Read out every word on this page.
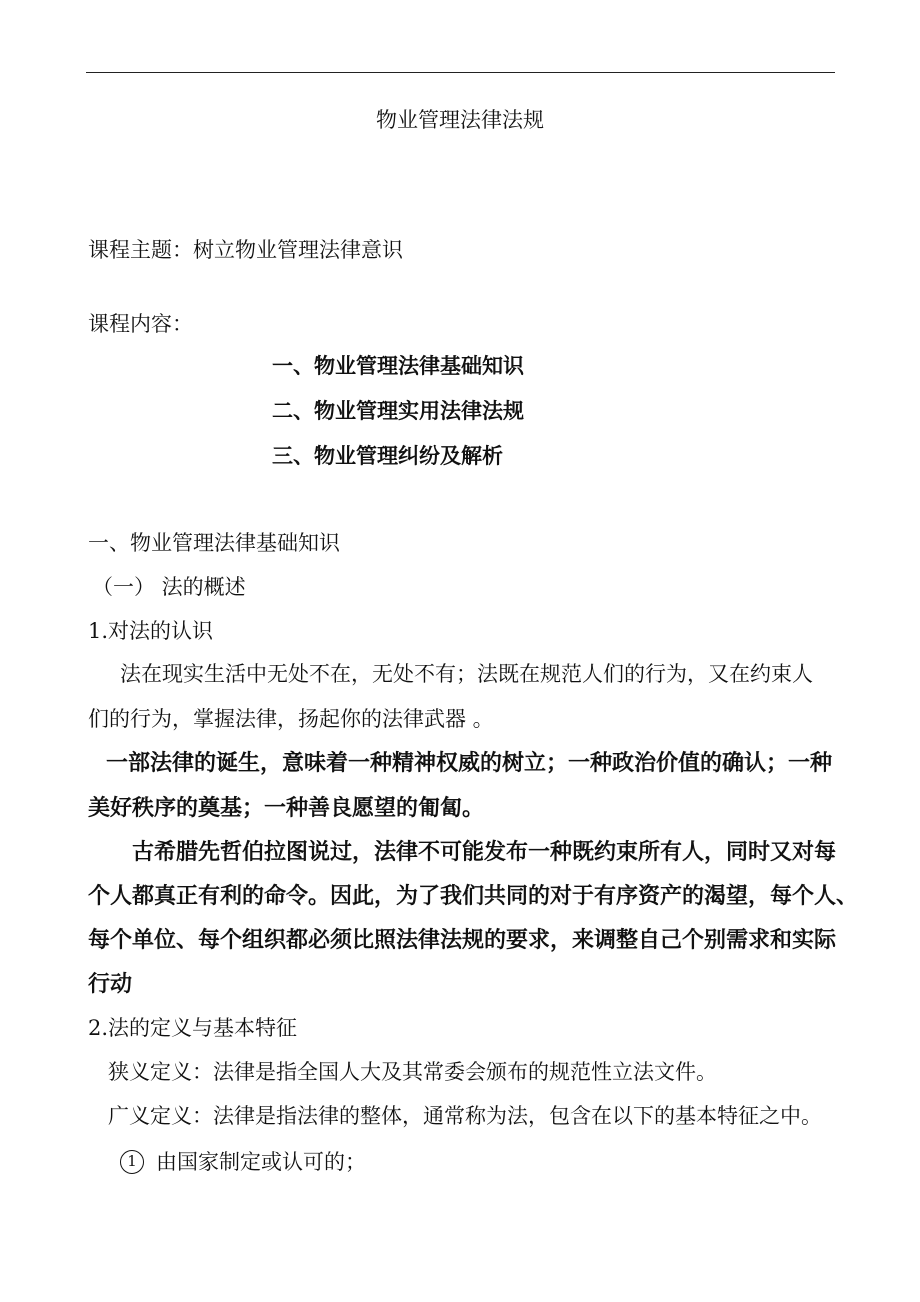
物业管理法律法规
课程主题：树立物业管理法律意识
课程内容：
一、物业管理法律基础知识
二、物业管理实用法律法规
三、物业管理纠纷及解析
一、物业管理法律基础知识
（一） 法的概述
1.对法的认识
法在现实生活中无处不在，无处不有；法既在规范人们的行为，又在约束人
们的行为，掌握法律，扬起你的法律武器 。
一部法律的诞生，意味着一种精神权威的树立；一种政治价值的确认；一种
美好秩序的奠基；一种善良愿望的匍匐。
古希腊先哲伯拉图说过，法律不可能发布一种既约束所有人，同时又对每
个人都真正有利的命令。因此，为了我们共同的对于有序资产的渴望，每个人、
每个单位、每个组织都必须比照法律法规的要求，来调整自己个别需求和实际
行动
2.法的定义与基本特征
狭义定义：法律是指全国人大及其常委会颁布的规范性立法文件。
广义定义：法律是指法律的整体，通常称为法，包含在以下的基本特征之中。
1 由国家制定或认可的；
